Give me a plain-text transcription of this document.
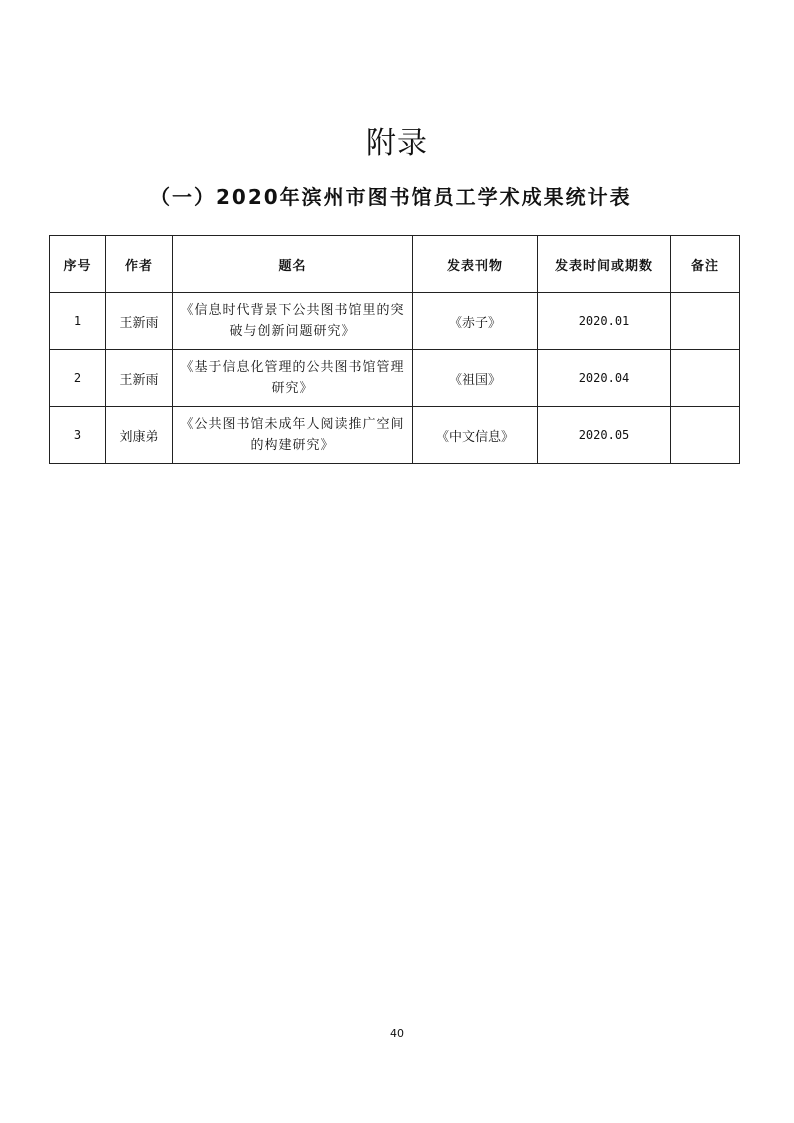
附录
（一）2020年滨州市图书馆员工学术成果统计表
序号	作者	题名	发表刊物	发表时间或期数	备注
1	王新雨	《信息时代背景下公共图书馆里的突破与创新问题研究》	《赤子》	2020.01	
2	王新雨	《基于信息化管理的公共图书馆管理研究》	《祖国》	2020.04	
3	刘康弟	《公共图书馆未成年人阅读推广空间的构建研究》	《中文信息》	2020.05	
40
